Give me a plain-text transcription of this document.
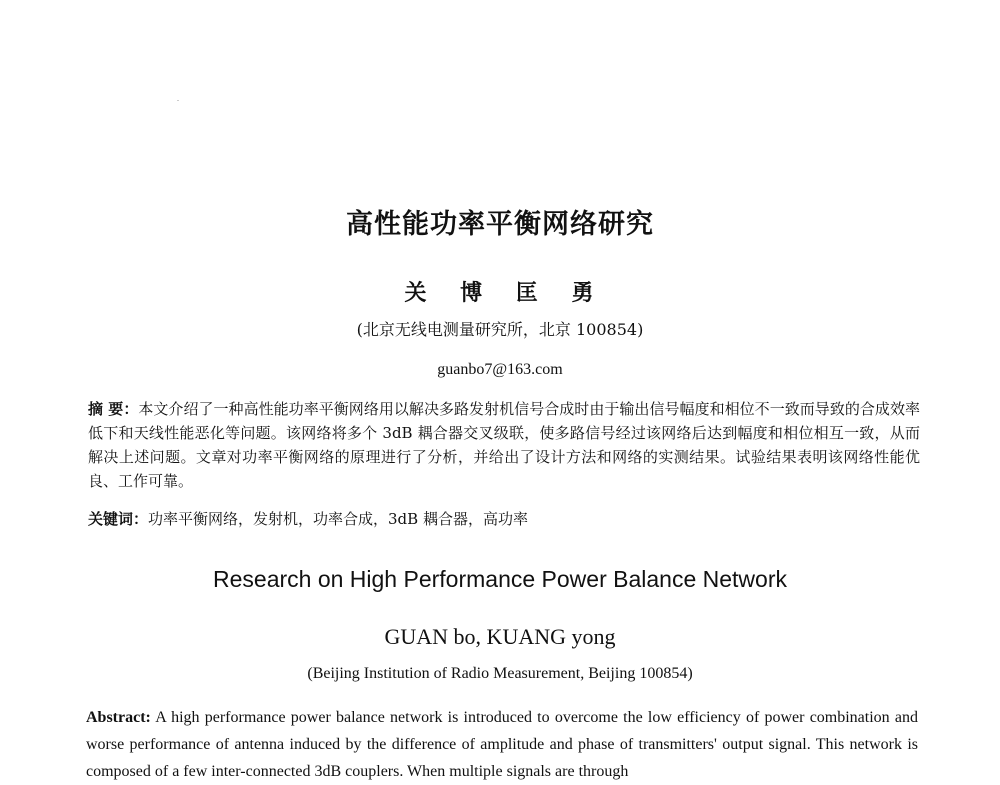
高性能功率平衡网络研究
关 博 匡 勇
(北京无线电测量研究所，北京 100854)
guanbo7@163.com
摘 要：本文介绍了一种高性能功率平衡网络用以解决多路发射机信号合成时由于输出信号幅度和相位不一致而导致的合成效率低下和天线性能恶化等问题。该网络将多个 3dB 耦合器交叉级联，使多路信号经过该网络后达到幅度和相位相互一致，从而解决上述问题。文章对功率平衡网络的原理进行了分析，并给出了设计方法和网络的实测结果。试验结果表明该网络性能优良、工作可靠。
关键词：功率平衡网络，发射机，功率合成，3dB 耦合器，高功率
Research on High Performance Power Balance Network
GUAN bo, KUANG yong
(Beijing Institution of Radio Measurement, Beijing 100854)
Abstract: A high performance power balance network is introduced to overcome the low efficiency of power combination and worse performance of antenna induced by the difference of amplitude and phase of transmitters' output signal. This network is composed of a few inter-connected 3dB couplers. When multiple signals are through
